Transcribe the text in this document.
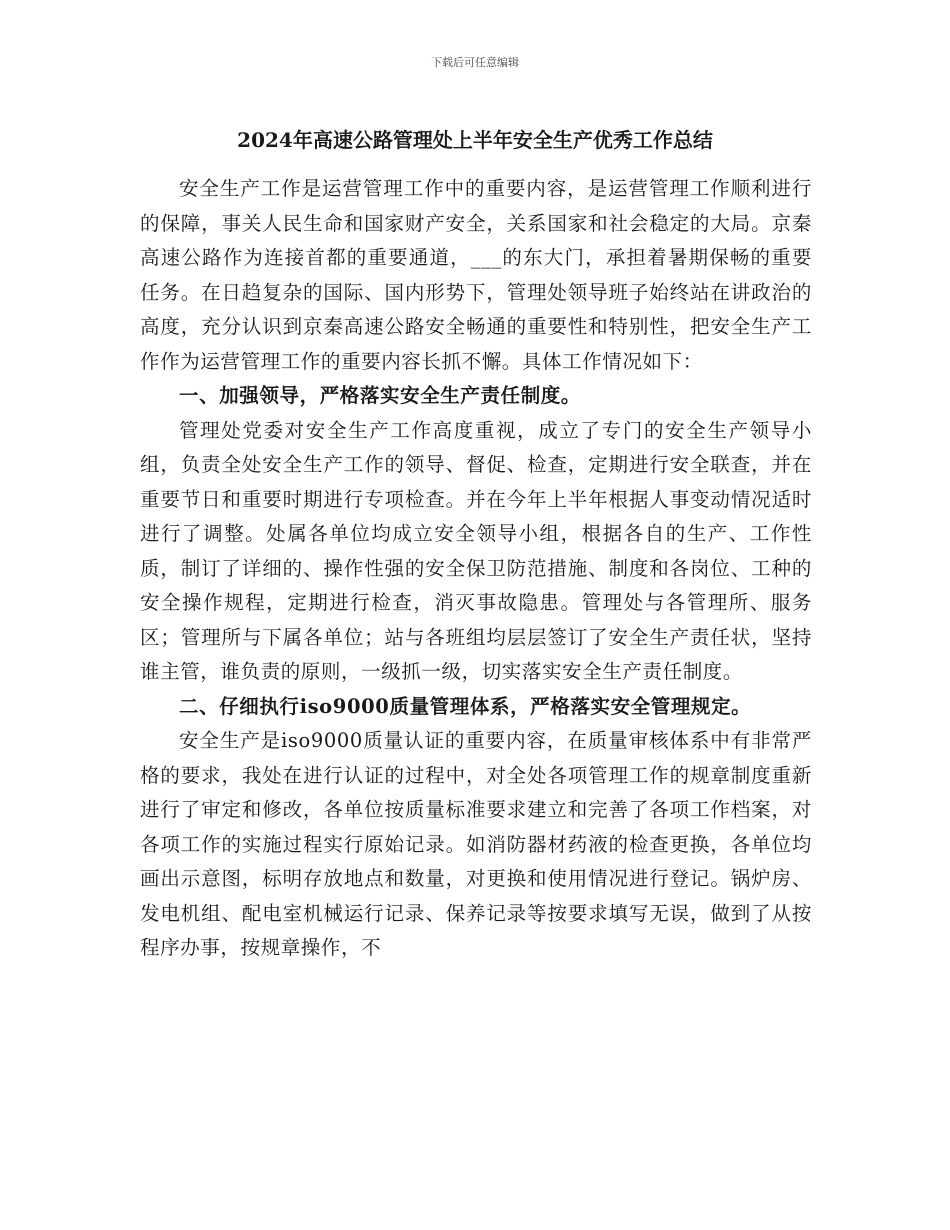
下载后可任意编辑
2024年高速公路管理处上半年安全生产优秀工作总结

安全生产工作是运营管理工作中的重要内容，是运营管理工作顺利进行的保障，事关人民生命和国家财产安全，关系国家和社会稳定的大局。京秦高速公路作为连接首都的重要通道，___的东大门，承担着暑期保畅的重要任务。在日趋复杂的国际、国内形势下，管理处领导班子始终站在讲政治的高度，充分认识到京秦高速公路安全畅通的重要性和特别性，把安全生产工作作为运营管理工作的重要内容长抓不懈。具体工作情况如下：

一、加强领导，严格落实安全生产责任制度。

管理处党委对安全生产工作高度重视，成立了专门的安全生产领导小组，负责全处安全生产工作的领导、督促、检查，定期进行安全联查，并在重要节日和重要时期进行专项检查。并在今年上半年根据人事变动情况适时进行了调整。处属各单位均成立安全领导小组，根据各自的生产、工作性质，制订了详细的、操作性强的安全保卫防范措施、制度和各岗位、工种的安全操作规程，定期进行检查，消灭事故隐患。管理处与各管理所、服务区；管理所与下属各单位；站与各班组均层层签订了安全生产责任状，坚持谁主管，谁负责的原则，一级抓一级，切实落实安全生产责任制度。

二、仔细执行iso9000质量管理体系，严格落实安全管理规定。

安全生产是iso9000质量认证的重要内容，在质量审核体系中有非常严格的要求，我处在进行认证的过程中，对全处各项管理工作的规章制度重新进行了审定和修改，各单位按质量标准要求建立和完善了各项工作档案，对各项工作的实施过程实行原始记录。如消防器材药液的检查更换，各单位均画出示意图，标明存放地点和数量，对更换和使用情况进行登记。锅炉房、发电机组、配电室机械运行记录、保养记录等按要求填写无误，做到了从按程序办事，按规章操作，不
